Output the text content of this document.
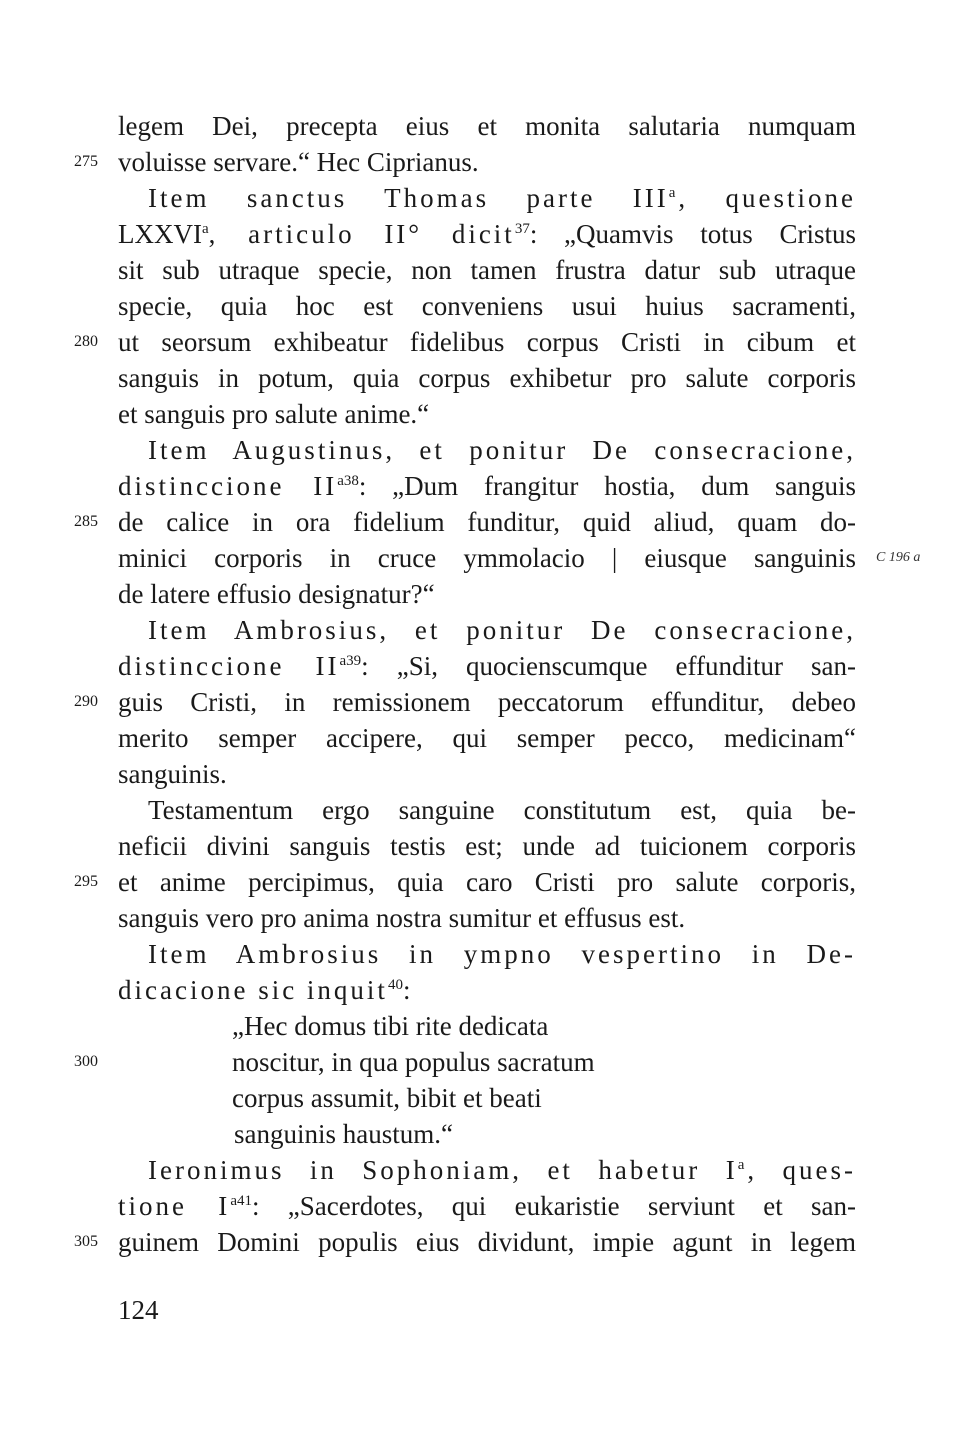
legem Dei, precepta eius et monita salutaria numquam
275 voluisse servare.“ Hec Ciprianus.
Item sanctus Thomas parte III$^a$, questione
LXXVI$^a$, articulo II° dicit$^{37}$: „Quamvis totus Cristus
sit sub utraque specie, non tamen frustra datur sub utraque
specie, quia hoc est conveniens usui huius sacramenti,
280 ut seorsum exhibeatur fidelibus corpus Cristi in cibum et
sanguis in potum, quia corpus exhibetur pro salute corporis
et sanguis pro salute anime.“
Item Augustinus, et ponitur De consecracione,
distinccione $II^{a38}$: „Dum frangitur hostia, dum sanguis
285 de calice in ora fidelium funditur, quid aliud, quam do-
minici corporis in cruce ymmolacio | eiusque sanguinis C 196 a
de latere effusio designatur?“
Item Ambrosius, et ponitur De consecracione,
distinccione $II^{a39}$: „Si, quocienscumque effunditur san-
290 guis Cristi, in remissionem peccatorum effunditur, debeo
merito semper accipere, qui semper pecco, medicinam“
sanguinis.
Testamentum ergo sanguine constitutum est, quia be-
neficii divini sanguis testis est; unde ad tuicionem corporis
295 et anime percipimus, quia caro Cristi pro salute corporis,
sanguis vero pro anima nostra sumitur et effusus est.
Item Ambrosius in ympno vespertino in De-
dicacione sic inquit$^{40}$:
„Hec domus tibi rite dedicata
300	noscitur, in qua populus sacratum
corpus assumit, bibit et beati
sanguinis haustum.“
Ieronimus in Sophoniam, et habetur $I^a$, ques-
tione $I^{a41}$: „Sacerdotes, qui eukaristie serviunt et san-
305 guinem Domini populis eius dividunt, impie agunt in legem
124
